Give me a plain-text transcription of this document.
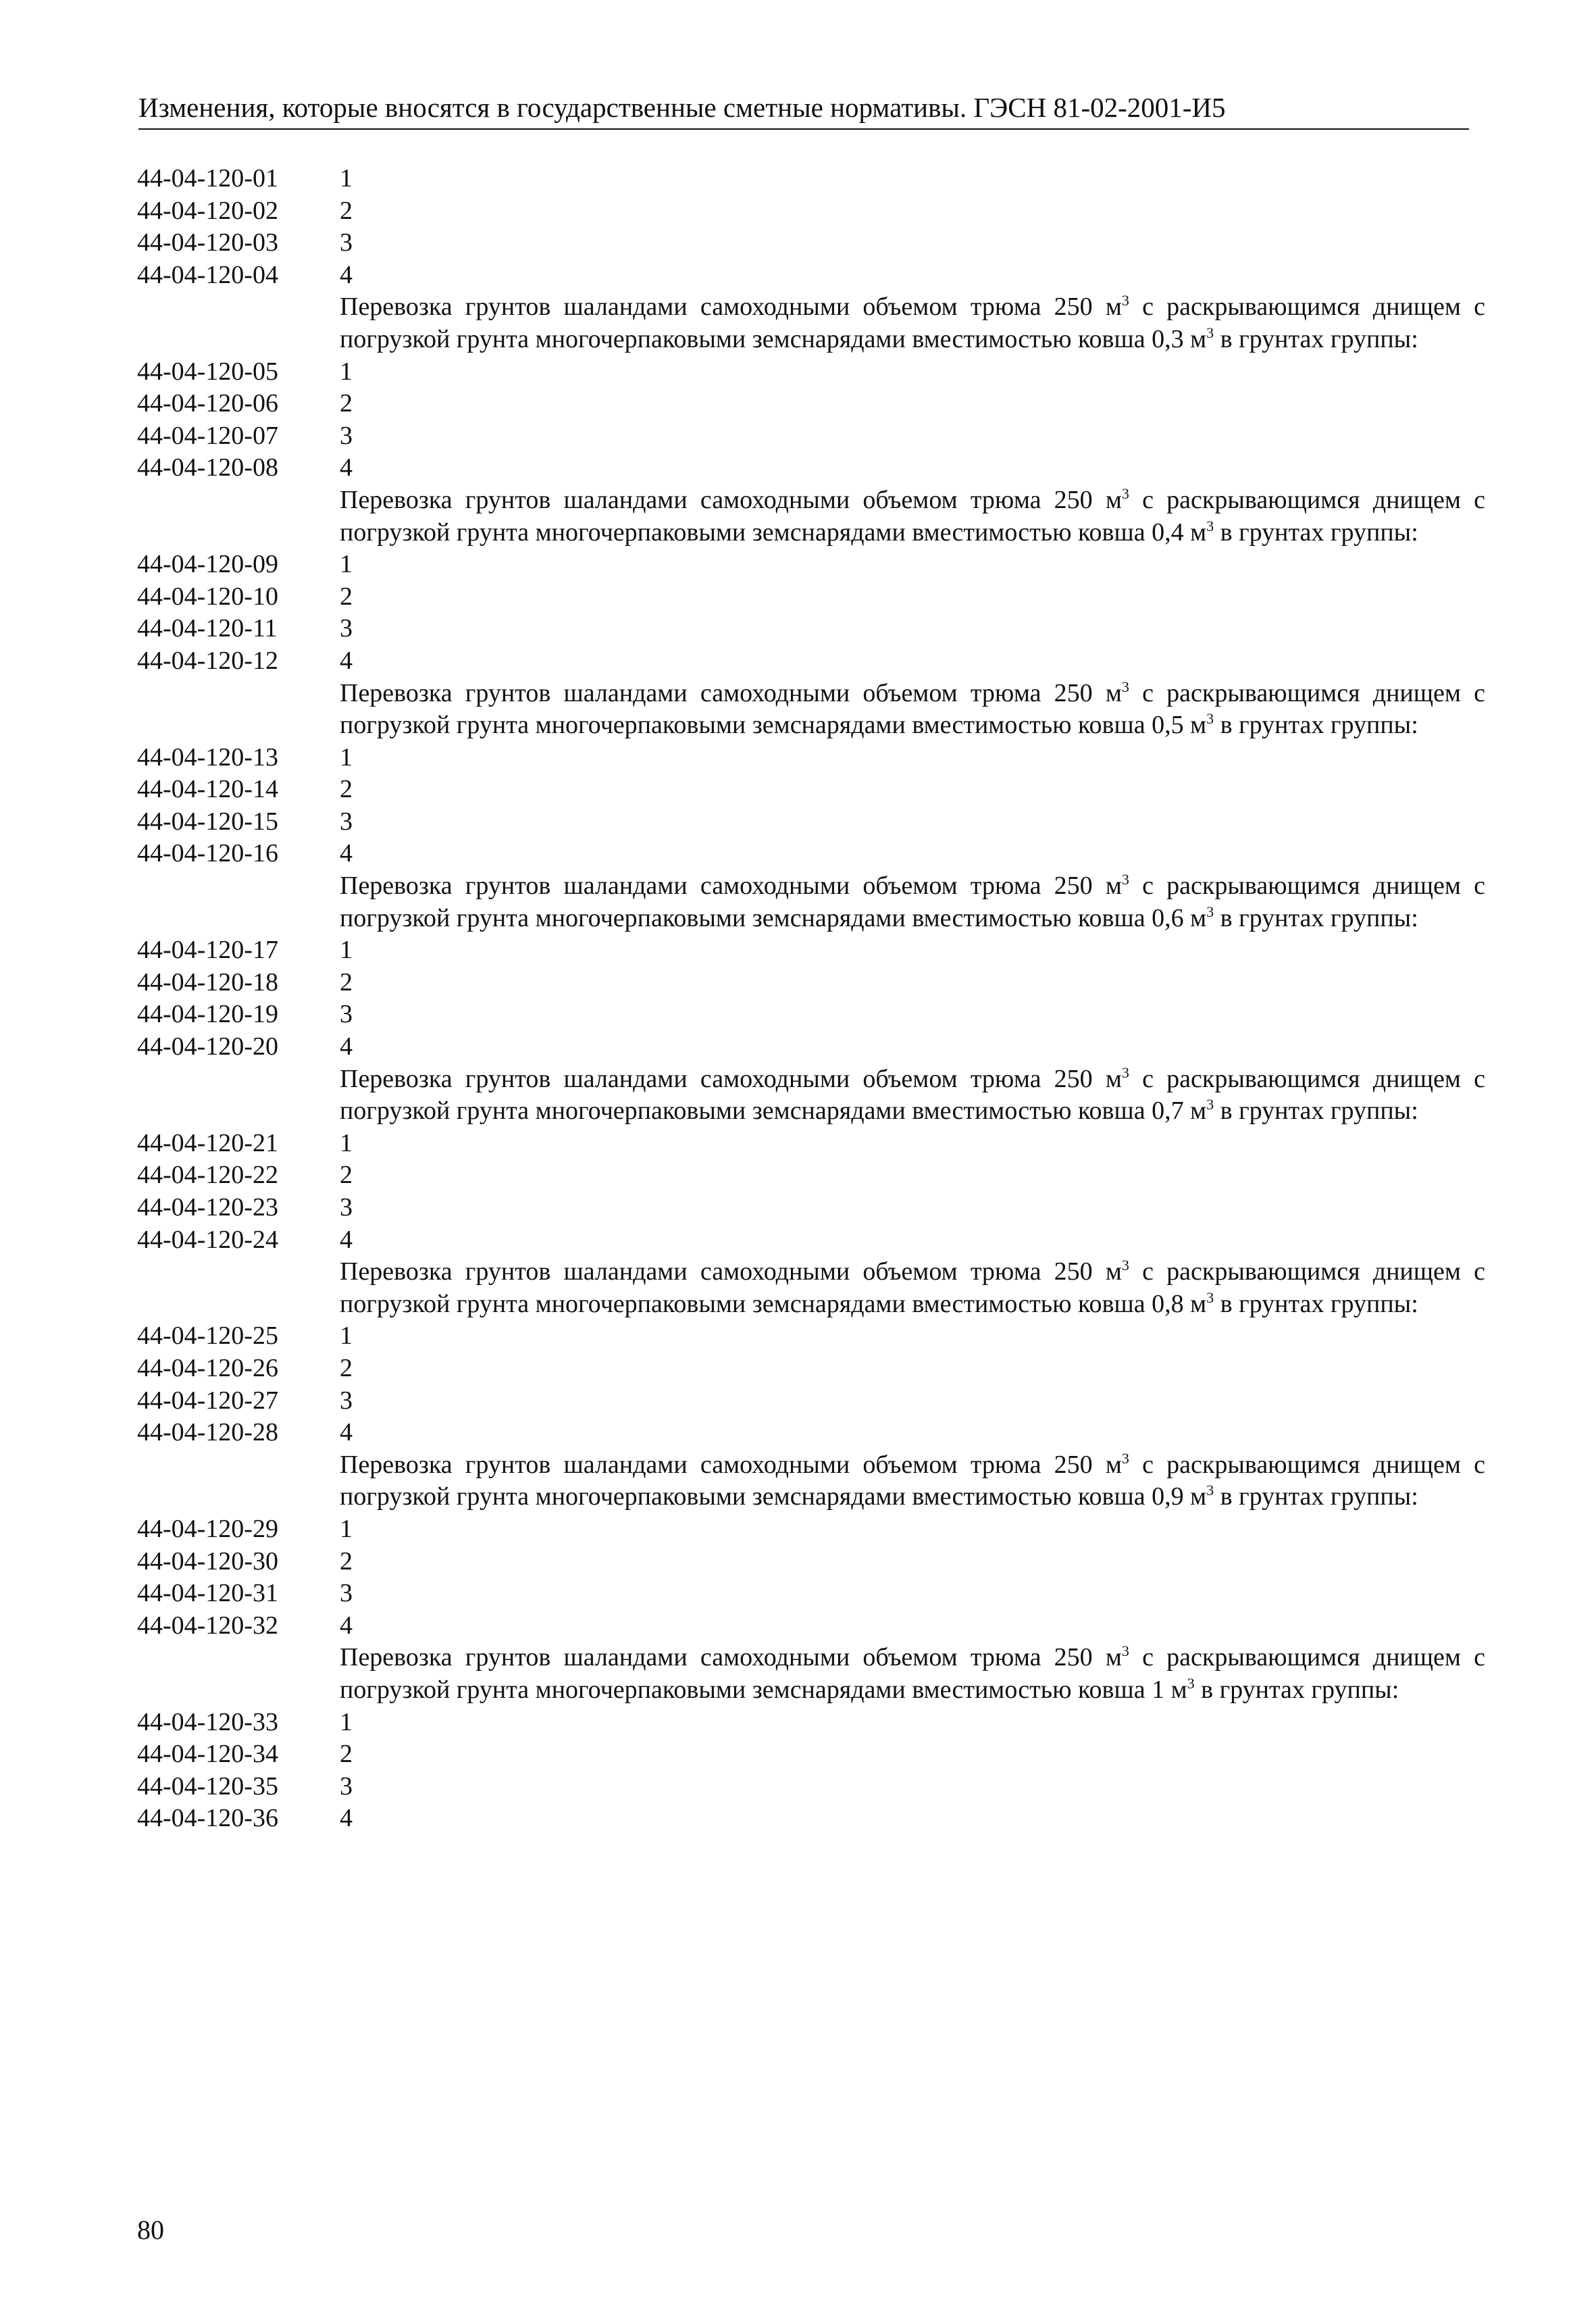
Изменения, которые вносятся в государственные сметные нормативы. ГЭСН 81-02-2001-И5
44-04-120-01	1
44-04-120-02	2
44-04-120-03	3
44-04-120-04	4
Перевозка грунтов шаландами самоходными объемом трюма 250 $м^3$ с раскрывающимся днищем с погрузкой грунта многочерпаковыми земснарядами вместимостью ковша 0,3 $м^3$ в грунтах группы:
44-04-120-05	1
44-04-120-06	2
44-04-120-07	3
44-04-120-08	4
Перевозка грунтов шаландами самоходными объемом трюма 250 $м^3$ с раскрывающимся днищем с погрузкой грунта многочерпаковыми земснарядами вместимостью ковша 0,4 $м^3$ в грунтах группы:
44-04-120-09	1
44-04-120-10	2
44-04-120-11	3
44-04-120-12	4
Перевозка грунтов шаландами самоходными объемом трюма 250 $м^3$ с раскрывающимся днищем с погрузкой грунта многочерпаковыми земснарядами вместимостью ковша 0,5 $м^3$ в грунтах группы:
44-04-120-13	1
44-04-120-14	2
44-04-120-15	3
44-04-120-16	4
Перевозка грунтов шаландами самоходными объемом трюма 250 $м^3$ с раскрывающимся днищем с погрузкой грунта многочерпаковыми земснарядами вместимостью ковша 0,6 $м^3$ в грунтах группы:
44-04-120-17	1
44-04-120-18	2
44-04-120-19	3
44-04-120-20	4
Перевозка грунтов шаландами самоходными объемом трюма 250 $м^3$ с раскрывающимся днищем с погрузкой грунта многочерпаковыми земснарядами вместимостью ковша 0,7 $м^3$ в грунтах группы:
44-04-120-21	1
44-04-120-22	2
44-04-120-23	3
44-04-120-24	4
Перевозка грунтов шаландами самоходными объемом трюма 250 $м^3$ с раскрывающимся днищем с погрузкой грунта многочерпаковыми земснарядами вместимостью ковша 0,8 $м^3$ в грунтах группы:
44-04-120-25	1
44-04-120-26	2
44-04-120-27	3
44-04-120-28	4
Перевозка грунтов шаландами самоходными объемом трюма 250 $м^3$ с раскрывающимся днищем с погрузкой грунта многочерпаковыми земснарядами вместимостью ковша 0,9 $м^3$ в грунтах группы:
44-04-120-29	1
44-04-120-30	2
44-04-120-31	3
44-04-120-32	4
Перевозка грунтов шаландами самоходными объемом трюма 250 $м^3$ с раскрывающимся днищем с погрузкой грунта многочерпаковыми земснарядами вместимостью ковша 1 $м^3$ в грунтах группы:
44-04-120-33	1
44-04-120-34	2
44-04-120-35	3
44-04-120-36	4
80
